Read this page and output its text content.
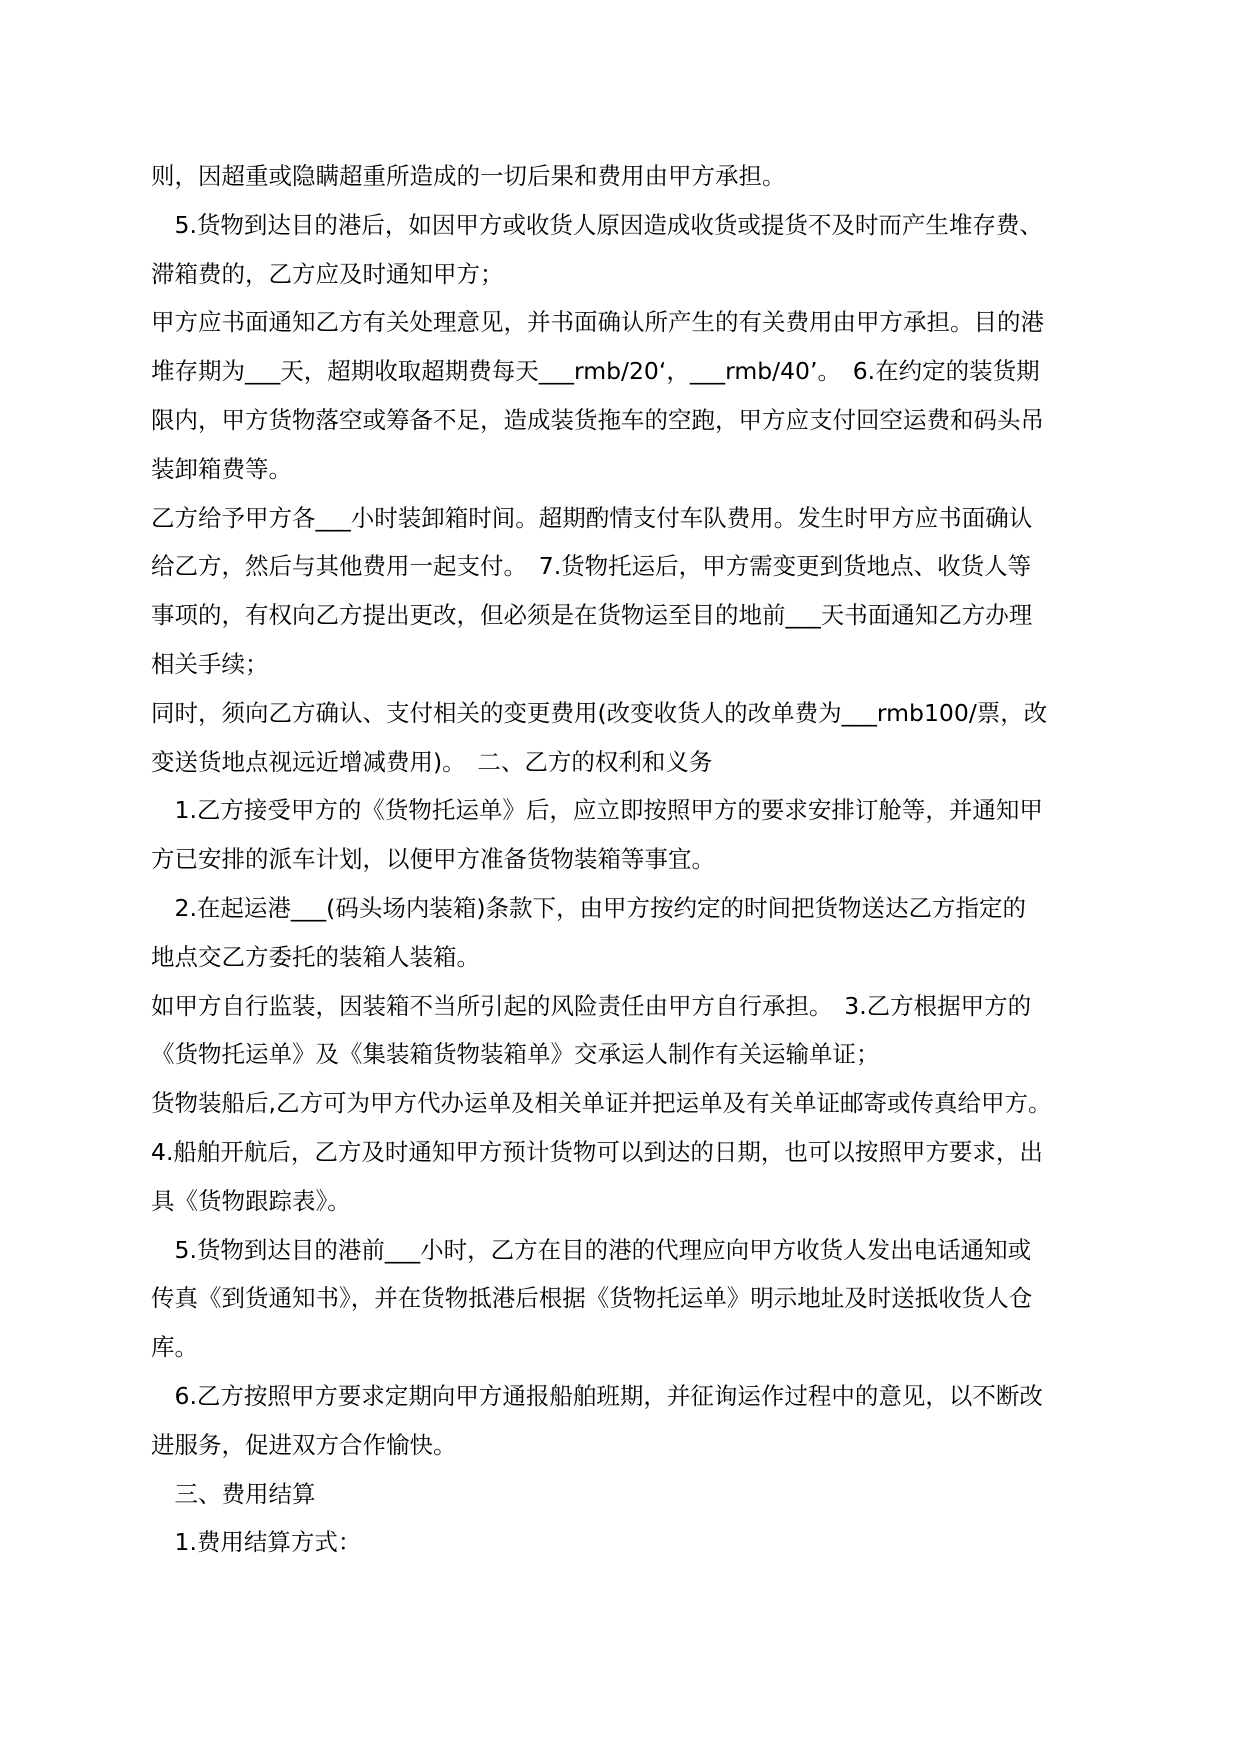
则，因超重或隐瞒超重所造成的一切后果和费用由甲方承担。
　5.货物到达目的港后，如因甲方或收货人原因造成收货或提货不及时而产生堆存费、
滞箱费的，乙方应及时通知甲方；
甲方应书面通知乙方有关处理意见，并书面确认所产生的有关费用由甲方承担。目的港
堆存期为___天，超期收取超期费每天___rmb/20‘，___rmb/40’。　6.在约定的装货期
限内，甲方货物落空或筹备不足，造成装货拖车的空跑，甲方应支付回空运费和码头吊
装卸箱费等。
乙方给予甲方各___小时装卸箱时间。超期酌情支付车队费用。发生时甲方应书面确认
给乙方，然后与其他费用一起支付。　7.货物托运后，甲方需变更到货地点、收货人等
事项的，有权向乙方提出更改，但必须是在货物运至目的地前___天书面通知乙方办理
相关手续；
同时，须向乙方确认、支付相关的变更费用(改变收货人的改单费为___rmb100/票，改
变送货地点视远近增减费用)。　二、乙方的权利和义务
　1.乙方接受甲方的《货物托运单》后，应立即按照甲方的要求安排订舱等，并通知甲
方已安排的派车计划，以便甲方准备货物装箱等事宜。
　2.在起运港___(码头场内装箱)条款下，由甲方按约定的时间把货物送达乙方指定的
地点交乙方委托的装箱人装箱。
如甲方自行监装，因装箱不当所引起的风险责任由甲方自行承担。　3.乙方根据甲方的
《货物托运单》及《集装箱货物装箱单》交承运人制作有关运输单证；
货物装船后,乙方可为甲方代办运单及相关单证并把运单及有关单证邮寄或传真给甲方。
4.船舶开航后，乙方及时通知甲方预计货物可以到达的日期，也可以按照甲方要求，出
具《货物跟踪表》。
　5.货物到达目的港前___小时，乙方在目的港的代理应向甲方收货人发出电话通知或
传真《到货通知书》，并在货物抵港后根据《货物托运单》明示地址及时送抵收货人仓
库。
　6.乙方按照甲方要求定期向甲方通报船舶班期，并征询运作过程中的意见，以不断改
进服务，促进双方合作愉快。
　三、费用结算
　1.费用结算方式：
